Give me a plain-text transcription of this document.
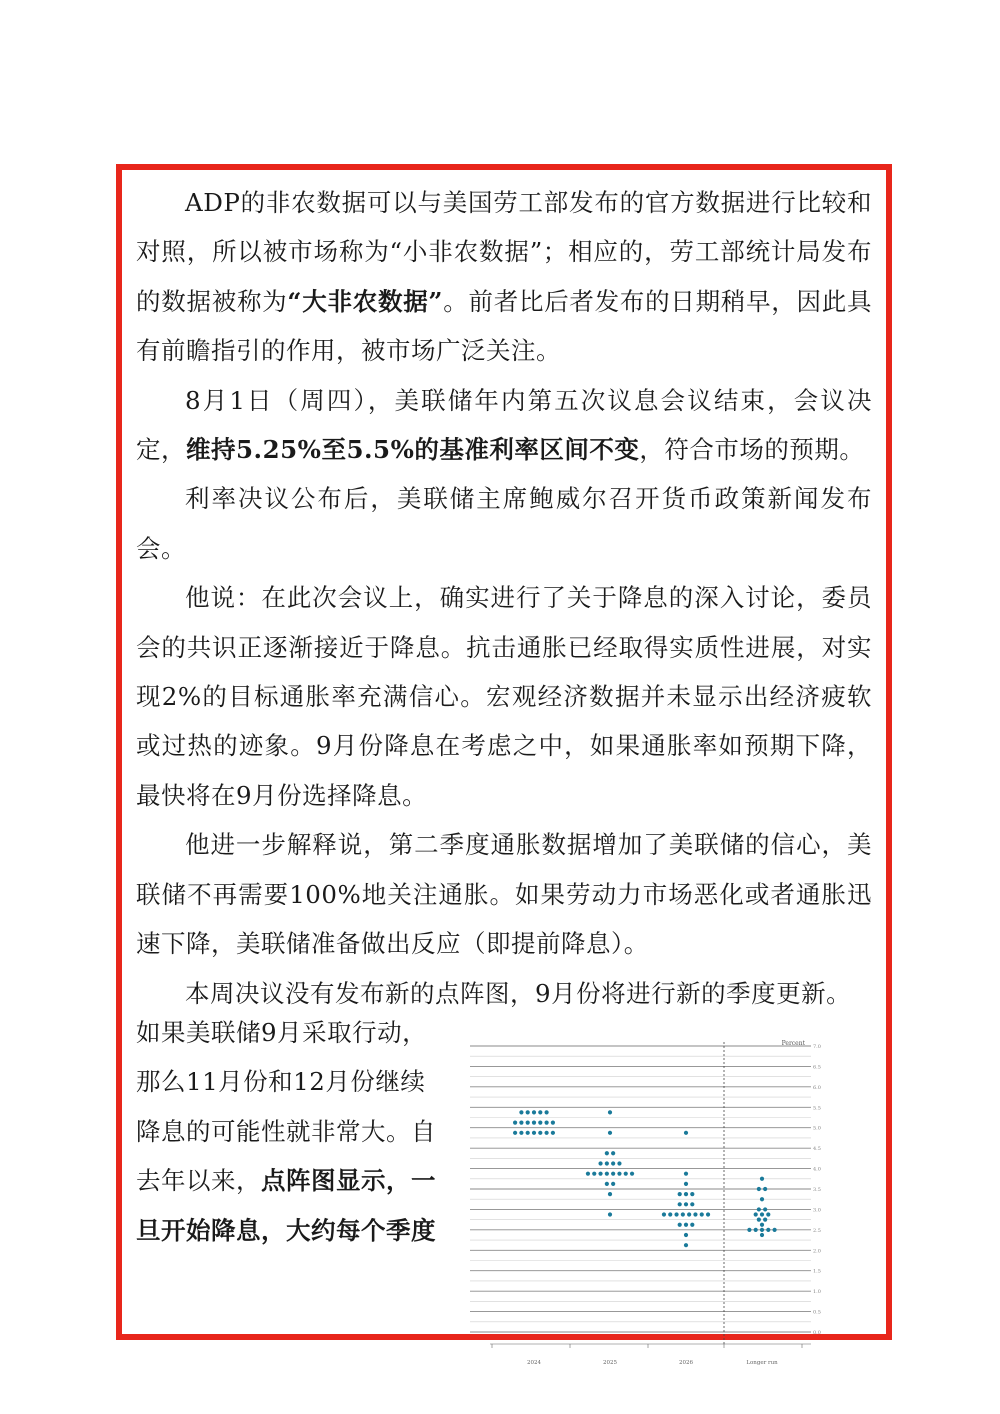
ADP的非农数据可以与美国劳工部发布的官方数据进行比较和对照，所以被市场称为“小非农数据”；相应的，劳工部统计局发布的数据被称为“大非农数据”。前者比后者发布的日期稍早，因此具有前瞻指引的作用，被市场广泛关注。

8月1日（周四），美联储年内第五次议息会议结束，会议决定，维持5.25%至5.5%的基准利率区间不变，符合市场的预期。

利率决议公布后，美联储主席鲍威尔召开货币政策新闻发布会。

他说：在此次会议上，确实进行了关于降息的深入讨论，委员会的共识正逐渐接近于降息。抗击通胀已经取得实质性进展，对实现2%的目标通胀率充满信心。宏观经济数据并未显示出经济疲软或过热的迹象。9月份降息在考虑之中，如果通胀率如预期下降，最快将在9月份选择降息。

他进一步解释说，第二季度通胀数据增加了美联储的信心，美联储不再需要100%地关注通胀。如果劳动力市场恶化或者通胀迅速下降，美联储准备做出反应（即提前降息）。

本周决议没有发布新的点阵图，9月份将进行新的季度更新。

如果美联储9月采取行动，

那么11月份和12月份继续

降息的可能性就非常大。自

去年以来，点阵图显示，一

旦开始降息，大约每个季度

Percent 7.0
6.5
6.0
5.5
5.0
4.5
4.0
3.5
3.0
2.5
2.0
1.5
1.0
0.5
0.0
2024	2025	2026	Longer run
